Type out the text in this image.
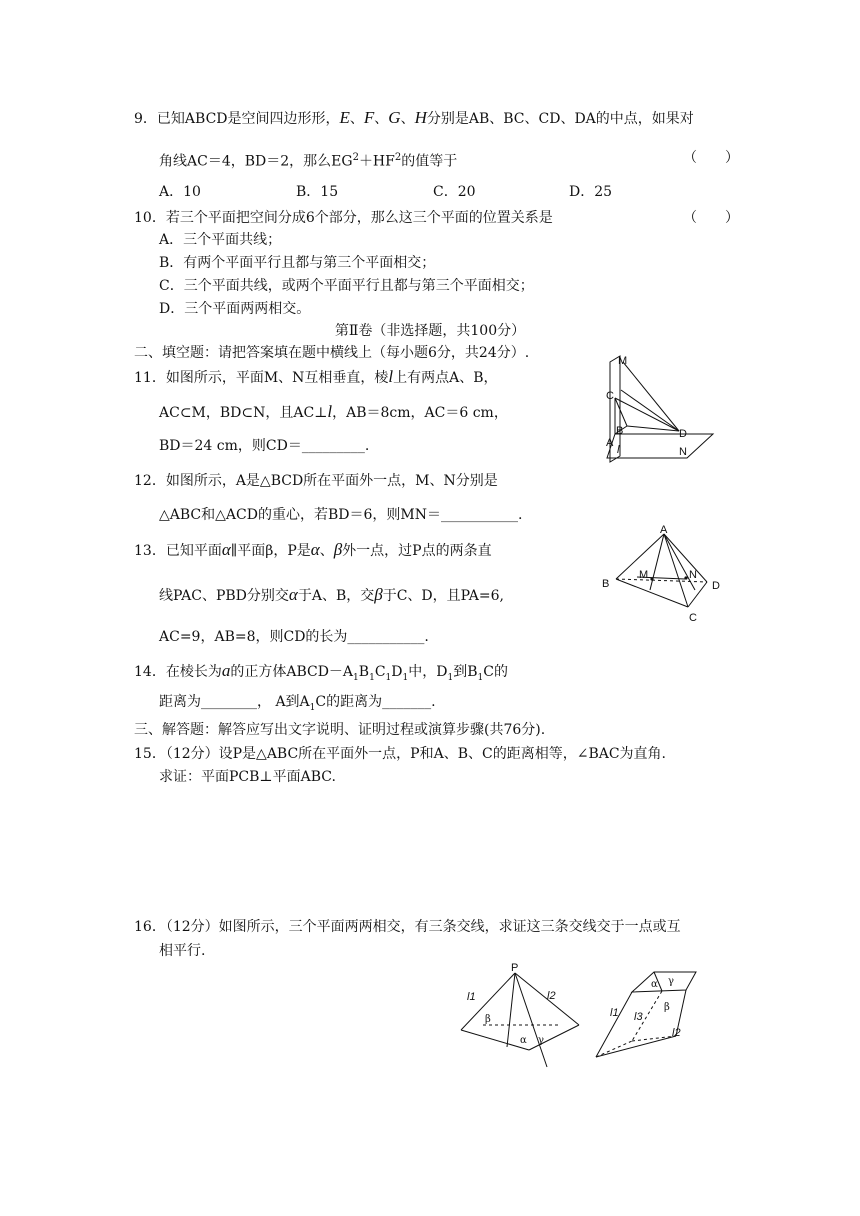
9．已知ABCD是空间四边形形，E、F、G、H分别是AB、BC、CD、DA的中点，如果对
角线AC＝4，BD＝2，那么$EG^2+HF^2$的值等于	（　　）
A．10	B．15	C．20	D．25
10．若三个平面把空间分成6个部分，那么这三个平面的位置关系是	（　　）
A．三个平面共线；
B．有两个平面平行且都与第三个平面相交；
C．三个平面共线，或两个平面平行且都与第三个平面相交；
D．三个平面两两相交。
第Ⅱ卷（非选择题，共100分）
二、填空题：请把答案填在题中横线上（每小题6分，共24分）.
11．如图所示，平面M、N互相垂直，棱l上有两点A、B，
AC⊂M，BD⊂N，且AC⊥l，AB＝8cm，AC＝6 cm，
BD＝24 cm，则CD＝_________.
M
C
B
A
l
D
N
12．如图所示，A是△BCD所在平面外一点，M、N分别是
△ABC和△ACD的重心，若BD＝6，则MN＝___________.
A
M	N
B	D
C
13．已知平面α∥平面β，P是α、β外一点，过P点的两条直
线PAC、PBD分别交α于A、B，交β于C、D，且PA=6,
AC=9，AB=8，则CD的长为___________.
14．在棱长为a的正方体$ABCD-A_1B_1C_1D_1$中，$D_1$到$B_1C$的
距离为________， A到$A_1C$的距离为_______.
三、解答题：解答应写出文字说明、证明过程或演算步骤(共76分).
15．（12分）设P是△ABC所在平面外一点，P和A、B、C的距离相等，∠BAC为直角.
求证：平面PCB⊥平面ABC.
16．（12分）如图所示，三个平面两两相交，有三条交线，求证这三条交线交于一点或互
相平行.
P
l1	l2
β
α γ
α γ
l1 l3
β
l2
